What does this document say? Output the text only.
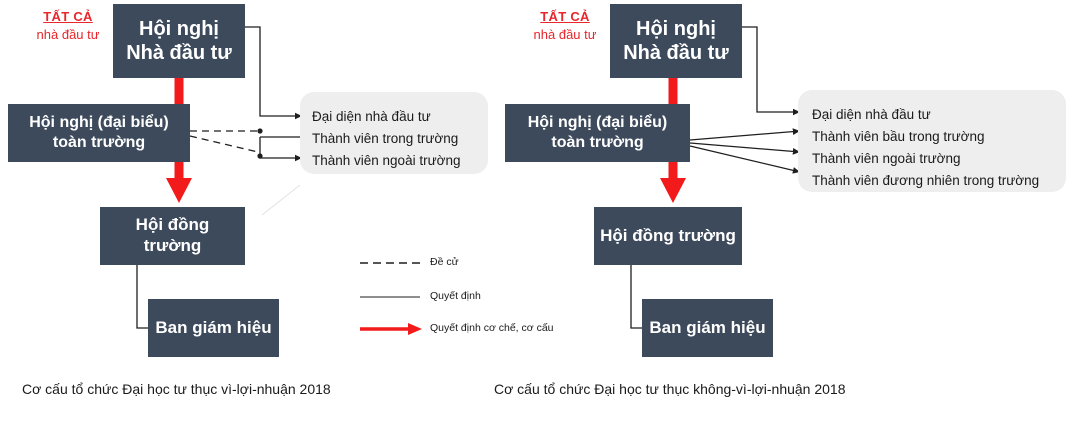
TẤT CẢ
nhà đầu tư	Hội nghị
Nhà đầu tư
Hội nghị (đại biểu)
toàn trường
Đại diện nhà đầu tư
Thành viên trong trường
Thành viên ngoài trường
Hội đồng trường
Ban giám hiệu
Cơ cấu tổ chức Đại học tư thục vì-lợi-nhuận 2018
TẤT CẢ
nhà đầu tư	Hội nghị
Nhà đầu tư
Hội nghị (đại biểu)
toàn trường
Đại diện nhà đầu tư
Thành viên bầu trong trường
Thành viên ngoài trường
Thành viên đương nhiên trong trường
Hội đồng trường
Ban giám hiệu
Cơ cấu tổ chức Đại học tư thục không-vì-lợi-nhuận 2018
Đề cử
Quyết định
Quyết định cơ chế, cơ cấu
